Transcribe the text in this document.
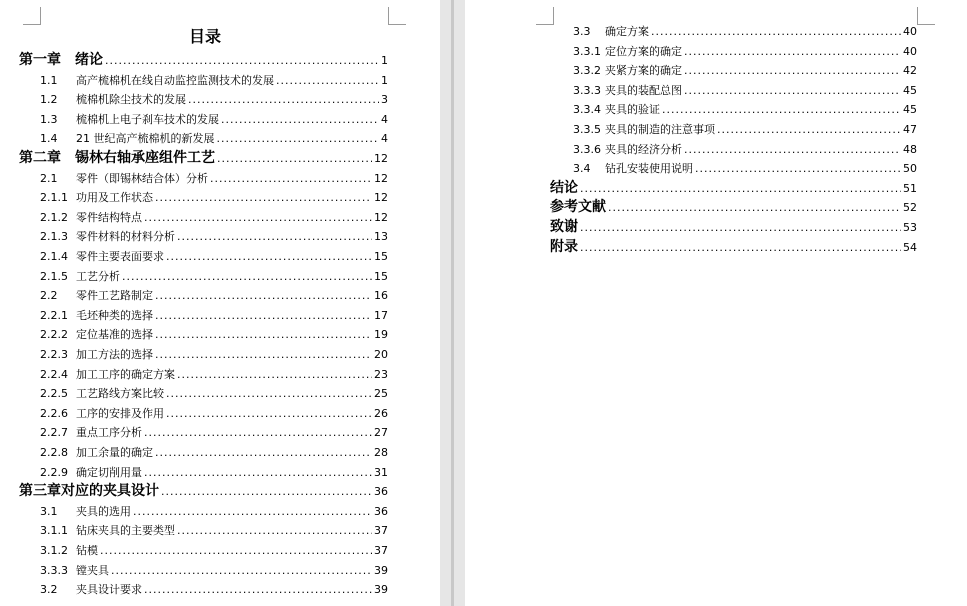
目录
第一章	绪论 .....	1
1.1	高产梳棉机在线自动监控监测技术的发展 .....	1
1.2	梳棉机除尘技术的发展 .....	3
1.3	梳棉机上电子刹车技术的发展 .....	4
1.4	21 世纪高产梳棉机的新发展 .....	4
第二章	锡林右轴承座组件工艺 .....	12
2.1	零件（即锡林结合体）分析 .....	12
2.1.1 功用及工作状态 .....	12
2.1.2 零件结构特点 .....	12
2.1.3 零件材料的材料分析 .....	13
2.1.4 零件主要表面要求 .....	15
2.1.5 工艺分析 .....	15
2.2	零件工艺路制定 .....	16
2.2.1 毛坯种类的选择 .....	17
2.2.2 定位基准的选择 .....	19
2.2.3 加工方法的选择 .....	20
2.2.4 加工工序的确定方案 .....	23
2.2.5 工艺路线方案比较 .....	25
2.2.6 工序的安排及作用 .....	26
2.2.7 重点工序分析 .....	27
2.2.8 加工余量的确定 .....	28
2.2.9 确定切削用量 .....	31
第三章对应的夹具设计 .....	36
3.1	夹具的选用 .....	36
3.1.1 钻床夹具的主要类型 .....	37
3.1.2 钻模 .....	37
3.3.3 镗夹具 .....	39
3.2	夹具设计要求 .....	39
3.3	确定方案 .....	40
3.3.1 定位方案的确定 .....	40
3.3.2 夹紧方案的确定 .....	42
3.3.3 夹具的装配总图 .....	45
3.3.4 夹具的验证 .....	45
3.3.5 夹具的制造的注意事项 .....	47
3.3.6 夹具的经济分析 .....	48
3.4	钻孔安装使用说明 .....	50
结论 .....	51
参考文献 .....	52
致谢 .....	53
附录 .....	54
